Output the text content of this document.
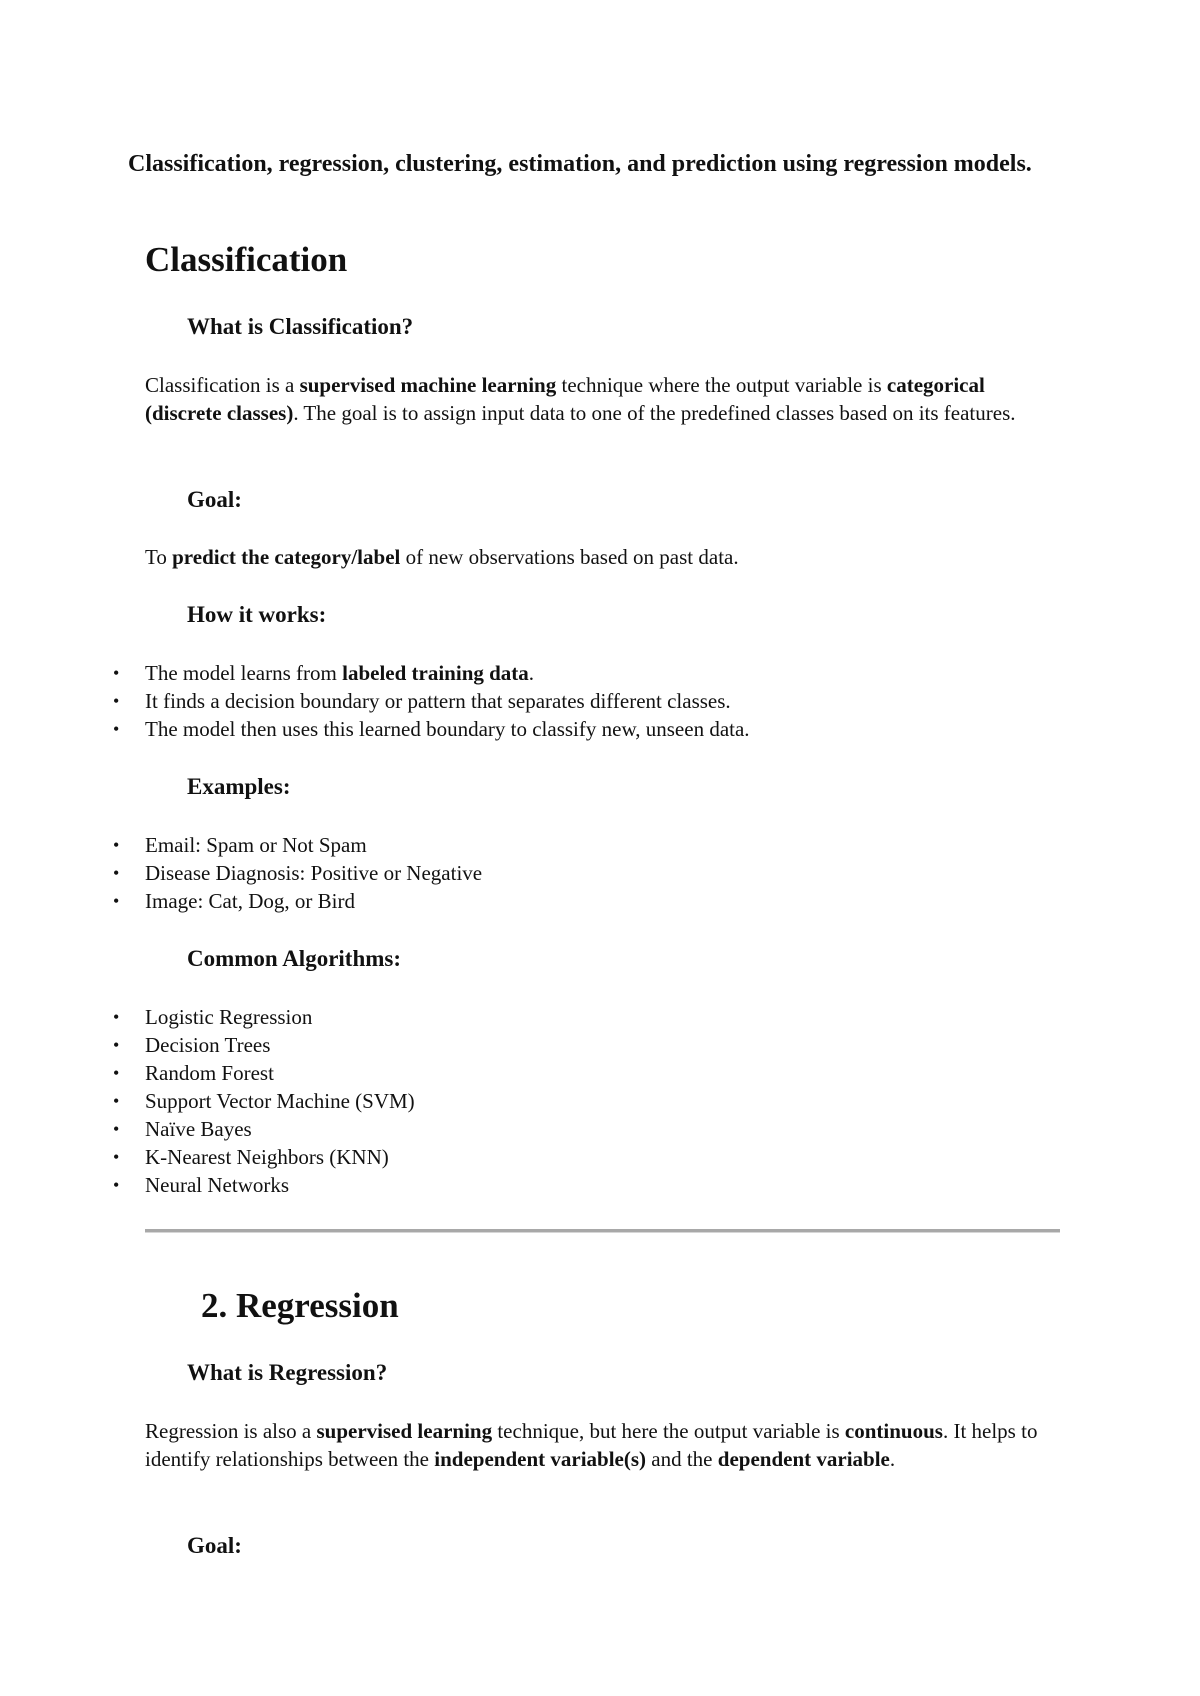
Classification, regression, clustering, estimation, and prediction using regression models.

Classification
What is Classification?

Classification is a supervised machine learning technique where the output variable is categorical (discrete classes). The goal is to assign input data to one of the predefined classes based on its features.

Goal:

To predict the category/label of new observations based on past data.

How it works:
• The model learns from labeled training data.
• It finds a decision boundary or pattern that separates different classes.
• The model then uses this learned boundary to classify new, unseen data.
Examples:
• Email: Spam or Not Spam
• Disease Diagnosis: Positive or Negative
• Image: Cat, Dog, or Bird
Common Algorithms:
• Logistic Regression
• Decision Trees
• Random Forest
• Support Vector Machine (SVM)
• Naïve Bayes
• K-Nearest Neighbors (KNN)
• Neural Networks
2. Regression
What is Regression?

Regression is also a supervised learning technique, but here the output variable is continuous. It helps to identify relationships between the independent variable(s) and the dependent variable.

Goal:
